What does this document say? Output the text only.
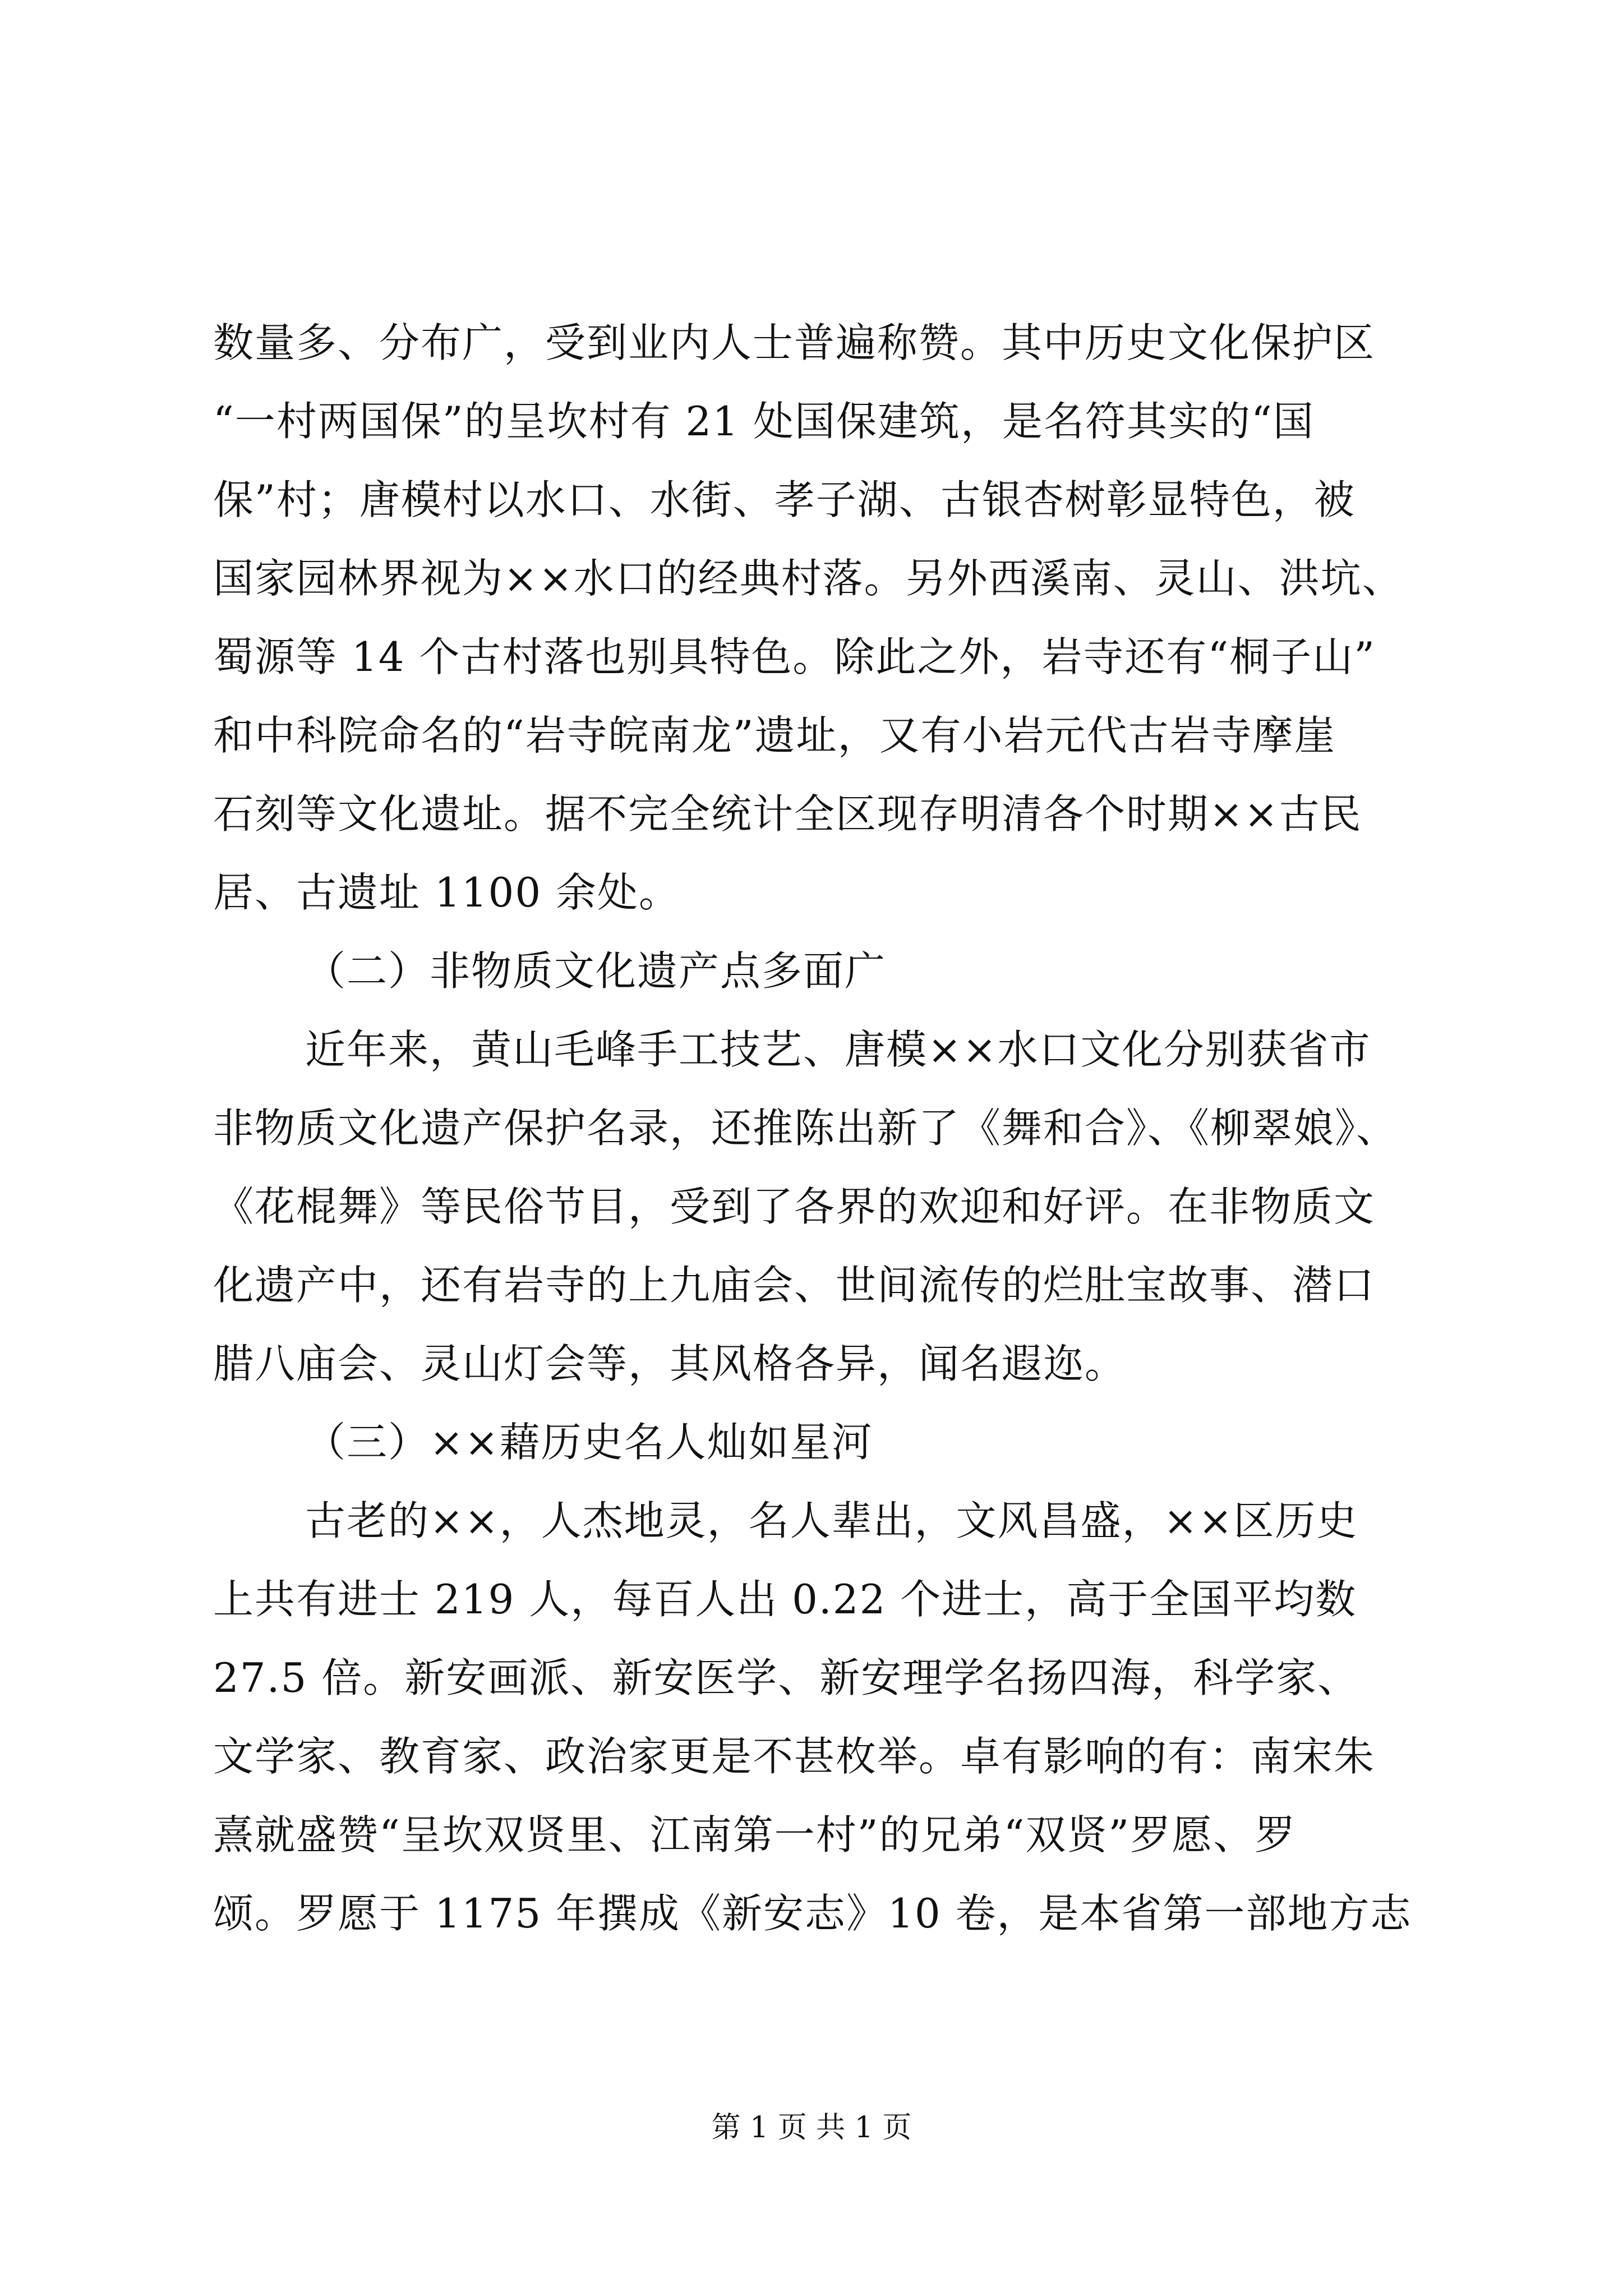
数量多、分布广，受到业内人士普遍称赞。其中历史文化保护区
“一村两国保”的呈坎村有 21 处国保建筑，是名符其实的“国
保”村；唐模村以水口、水街、孝子湖、古银杏树彰显特色，被
国家园林界视为××水口的经典村落。另外西溪南、灵山、洪坑、
蜀源等 14 个古村落也别具特色。除此之外，岩寺还有“桐子山”
和中科院命名的“岩寺皖南龙”遗址，又有小岩元代古岩寺摩崖
石刻等文化遗址。据不完全统计全区现存明清各个时期××古民
居、古遗址 1100 余处。
（二）非物质文化遗产点多面广
近年来，黄山毛峰手工技艺、唐模××水口文化分别获省市
非物质文化遗产保护名录，还推陈出新了《舞和合》、《柳翠娘》、
《花棍舞》等民俗节目，受到了各界的欢迎和好评。在非物质文
化遗产中，还有岩寺的上九庙会、世间流传的烂肚宝故事、潜口
腊八庙会、灵山灯会等，其风格各异，闻名遐迩。
（三）××藉历史名人灿如星河
古老的××，人杰地灵，名人辈出，文风昌盛，××区历史
上共有进士 219 人，每百人出 0.22 个进士，高于全国平均数
27.5 倍。新安画派、新安医学、新安理学名扬四海，科学家、
文学家、教育家、政治家更是不甚枚举。卓有影响的有：南宋朱
熹就盛赞“呈坎双贤里、江南第一村”的兄弟“双贤”罗愿、罗
颂。罗愿于 1175 年撰成《新安志》10 卷，是本省第一部地方志
第 1 页 共 1 页
